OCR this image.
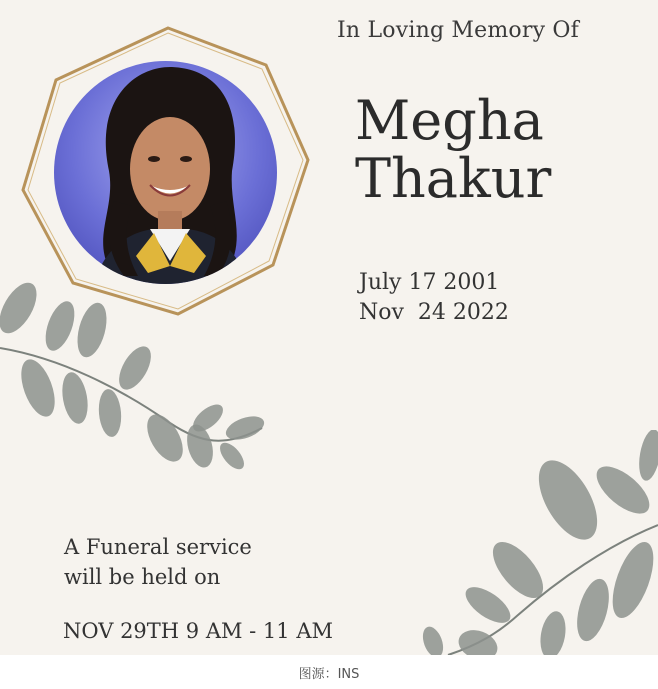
In Loving Memory Of
Megha
Thakur
July 17 2001
Nov  24 2022
A Funeral service
will be held on
NOV 29TH 9 AM - 11 AM
图源：INS
